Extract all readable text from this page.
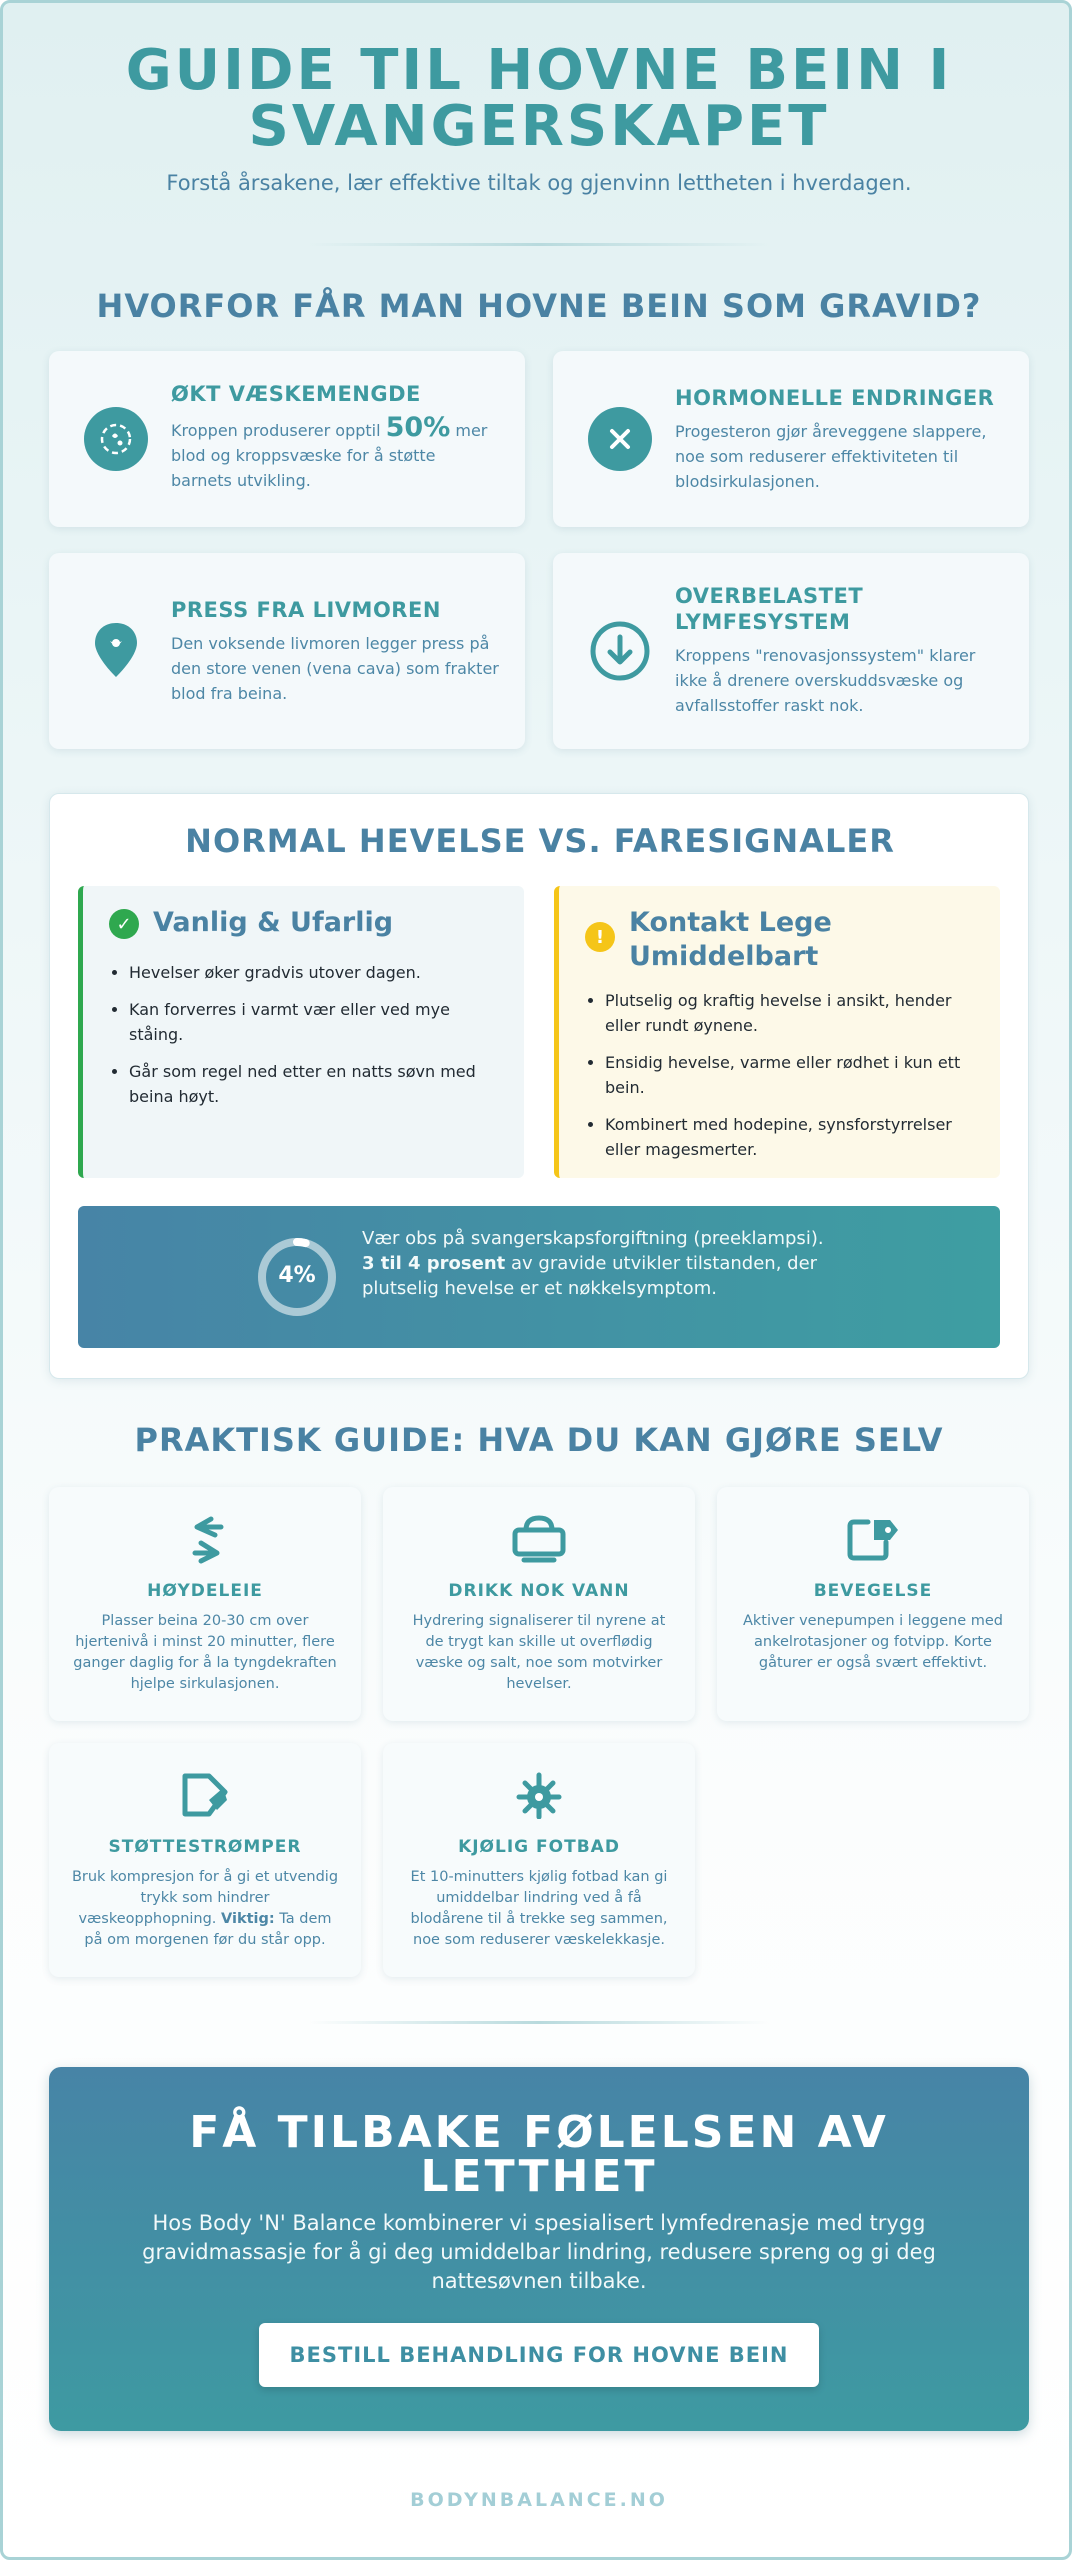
GUIDE TIL HOVNE BEIN I
SVANGERSKAPET
Forstå årsakene, lær effektive tiltak og gjenvinn lettheten i hverdagen.
HVORFOR FÅR MAN HOVNE BEIN SOM GRAVID?
ØKT VÆSKEMENGDE
Kroppen produserer opptil 50% mer blod og kroppsvæske for å støtte barnets utvikling.
HORMONELLE ENDRINGER
Progesteron gjør åreveggene slappere, noe som reduserer effektiviteten til blodsirkulasjonen.
PRESS FRA LIVMOREN
Den voksende livmoren legger press på den store venen (vena cava) som frakter blod fra beina.
OVERBELASTET
LYMFESYSTEM
Kroppens "renovasjonssystem" klarer ikke å drenere overskuddsvæske og avfallsstoffer raskt nok.
NORMAL HEVELSE VS. FARESIGNALER
✓ Vanlig & Ufarlig
• Hevelser øker gradvis utover dagen.
• Kan forverres i varmt vær eller ved mye ståing.
• Går som regel ned etter en natts søvn med beina høyt.
! Kontakt Lege
Umiddelbart
• Plutselig og kraftig hevelse i ansikt, hender eller rundt øynene.
• Ensidig hevelse, varme eller rødhet i kun ett bein.
• Kombinert med hodepine, synsforstyrrelser eller magesmerter.
4%
Vær obs på svangerskapsforgiftning (preeklampsi). 3 til 4 prosent av gravide utvikler tilstanden, der plutselig hevelse er et nøkkelsymptom.
PRAKTISK GUIDE: HVA DU KAN GJØRE SELV
HØYDELEIE
Plasser beina 20-30 cm over hjertenivå i minst 20 minutter, flere ganger daglig for å la tyngdekraften hjelpe sirkulasjonen.
DRIKK NOK VANN
Hydrering signaliserer til nyrene at de trygt kan skille ut overflødig væske og salt, noe som motvirker hevelser.
BEVEGELSE
Aktiver venepumpen i leggene med ankelrotasjoner og fotvipp. Korte gåturer er også svært effektivt.
STØTTESTRØMPER
Bruk kompresjon for å gi et utvendig trykk som hindrer væskeopphopning. Viktig: Ta dem på om morgenen før du står opp.
KJØLIG FOTBAD
Et 10-minutters kjølig fotbad kan gi umiddelbar lindring ved å få blodårene til å trekke seg sammen, noe som reduserer væskelekkasje.
FÅ TILBAKE FØLELSEN AV
LETTHET
Hos Body 'N' Balance kombinerer vi spesialisert lymfedrenasje med trygg gravidmassasje for å gi deg umiddelbar lindring, redusere spreng og gi deg nattesøvnen tilbake.
BESTILL BEHANDLING FOR HOVNE BEIN
BODYNBALANCE.NO
